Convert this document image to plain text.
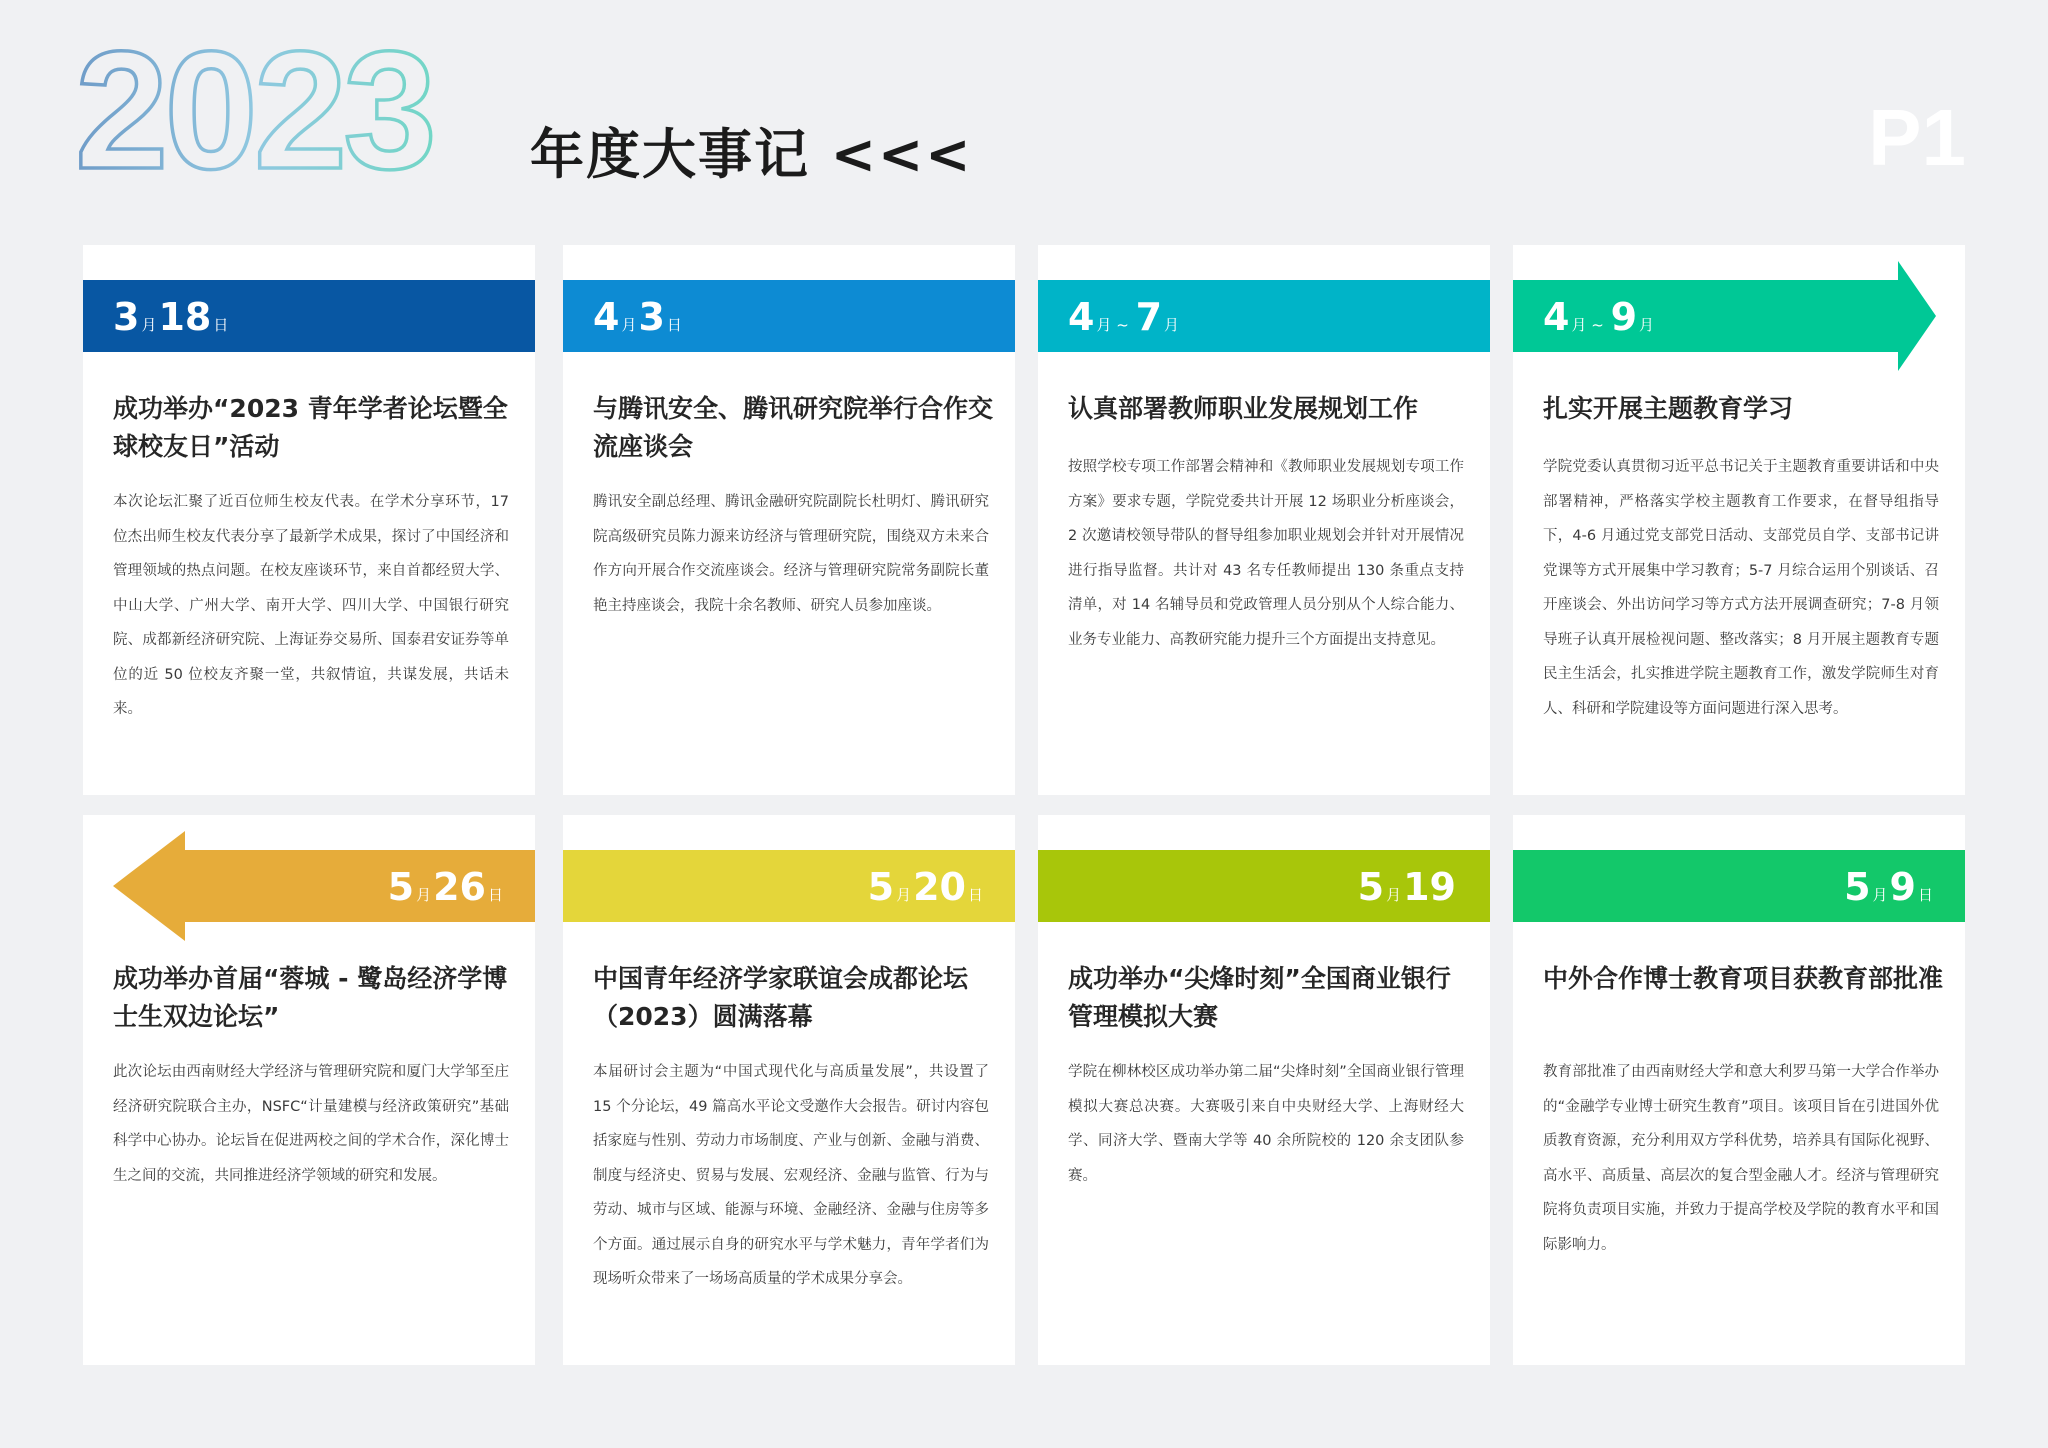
2023 年度大事记 <<<	P1
3 月18 日
成功举办“2023 青年学者论坛暨全球校友日”活动
本次论坛汇聚了近百位师生校友代表。在学术分享环节，17 位杰出师生校友代表分享了最新学术成果，探讨了中国经济和管理领域的热点问题。在校友座谈环节，来自首都经贸大学、中山大学、广州大学、南开大学、四川大学、中国银行研究院、成都新经济研究院、上海证券交易所、国泰君安证券等单位的近 50 位校友齐聚一堂，共叙情谊，共谋发展，共话未来。
4 月3 日
与腾讯安全、腾讯研究院举行合作交流座谈会
腾讯安全副总经理、腾讯金融研究院副院长杜明灯、腾讯研究院高级研究员陈力源来访经济与管理研究院，围绕双方未来合作方向开展合作交流座谈会。经济与管理研究院常务副院长董艳主持座谈会，我院十余名教师、研究人员参加座谈。
4 月 ~ 7 月
认真部署教师职业发展规划工作
按照学校专项工作部署会精神和《教师职业发展规划专项工作方案》要求专题，学院党委共计开展 12 场职业分析座谈会，2 次邀请校领导带队的督导组参加职业规划会并针对开展情况进行指导监督。共计对 43 名专任教师提出 130 条重点支持清单，对 14 名辅导员和党政管理人员分别从个人综合能力、业务专业能力、高教研究能力提升三个方面提出支持意见。
4 月 ~ 9 月
扎实开展主题教育学习
学院党委认真贯彻习近平总书记关于主题教育重要讲话和中央部署精神，严格落实学校主题教育工作要求，在督导组指导下，4-6 月通过党支部党日活动、支部党员自学、支部书记讲党课等方式开展集中学习教育；5-7 月综合运用个别谈话、召开座谈会、外出访问学习等方式方法开展调查研究；7-8 月领导班子认真开展检视问题、整改落实；8 月开展主题教育专题民主生活会，扎实推进学院主题教育工作，激发学院师生对育人、科研和学院建设等方面问题进行深入思考。
5 月26 日
成功举办首届“蓉城 - 鹭岛经济学博士生双边论坛”
此次论坛由西南财经大学经济与管理研究院和厦门大学邹至庄经济研究院联合主办，NSFC“计量建模与经济政策研究”基础科学中心协办。论坛旨在促进两校之间的学术合作，深化博士生之间的交流，共同推进经济学领域的研究和发展。
5 月20 日
中国青年经济学家联谊会成都论坛（2023）圆满落幕
本届研讨会主题为“中国式现代化与高质量发展”，共设置了 15 个分论坛，49 篇高水平论文受邀作大会报告。研讨内容包括家庭与性别、劳动力市场制度、产业与创新、金融与消费、制度与经济史、贸易与发展、宏观经济、金融与监管、行为与劳动、城市与区域、能源与环境、金融经济、金融与住房等多个方面。通过展示自身的研究水平与学术魅力，青年学者们为现场听众带来了一场场高质量的学术成果分享会。
5 月19
成功举办“尖烽时刻”全国商业银行管理模拟大赛
学院在柳林校区成功举办第二届“尖烽时刻”全国商业银行管理模拟大赛总决赛。大赛吸引来自中央财经大学、上海财经大学、同济大学、暨南大学等 40 余所院校的 120 余支团队参赛。
5 月9 日
中外合作博士教育项目获教育部批准
教育部批准了由西南财经大学和意大利罗马第一大学合作举办的“金融学专业博士研究生教育”项目。该项目旨在引进国外优质教育资源，充分利用双方学科优势，培养具有国际化视野、高水平、高质量、高层次的复合型金融人才。经济与管理研究院将负责项目实施，并致力于提高学校及学院的教育水平和国际影响力。
